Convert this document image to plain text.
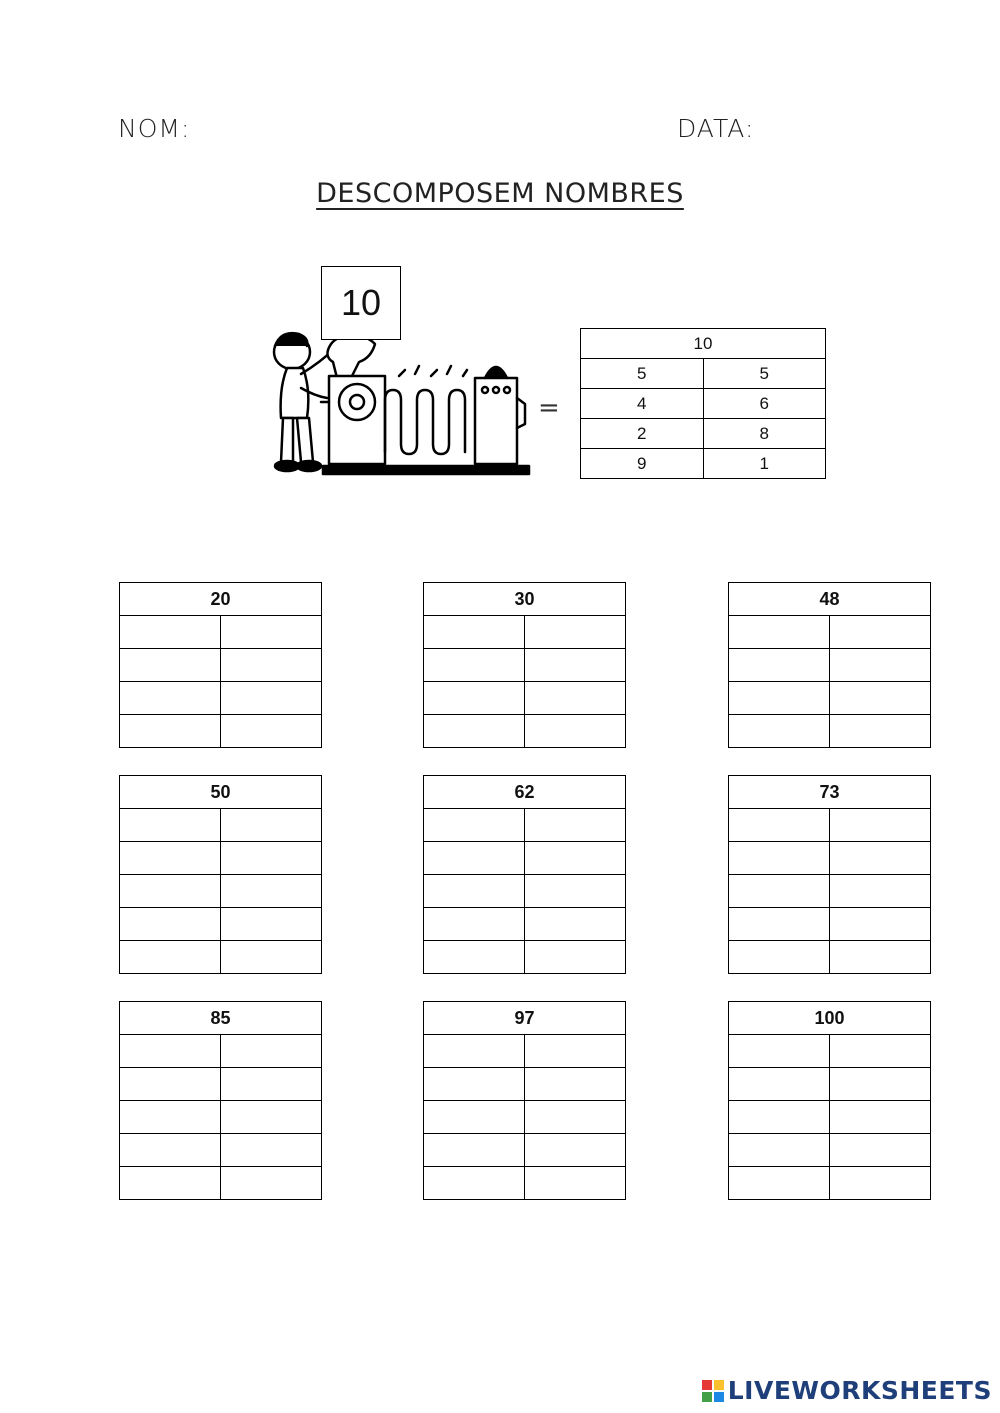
NOM:	DATA:
DESCOMPOSEM NOMBRES
10
=
10	
5	5
4	6
2	8
9	1
20	

		30	

		48	

50	

		62	

		73	

85	

		97	

		100	

LIVEWORKSHEETS
